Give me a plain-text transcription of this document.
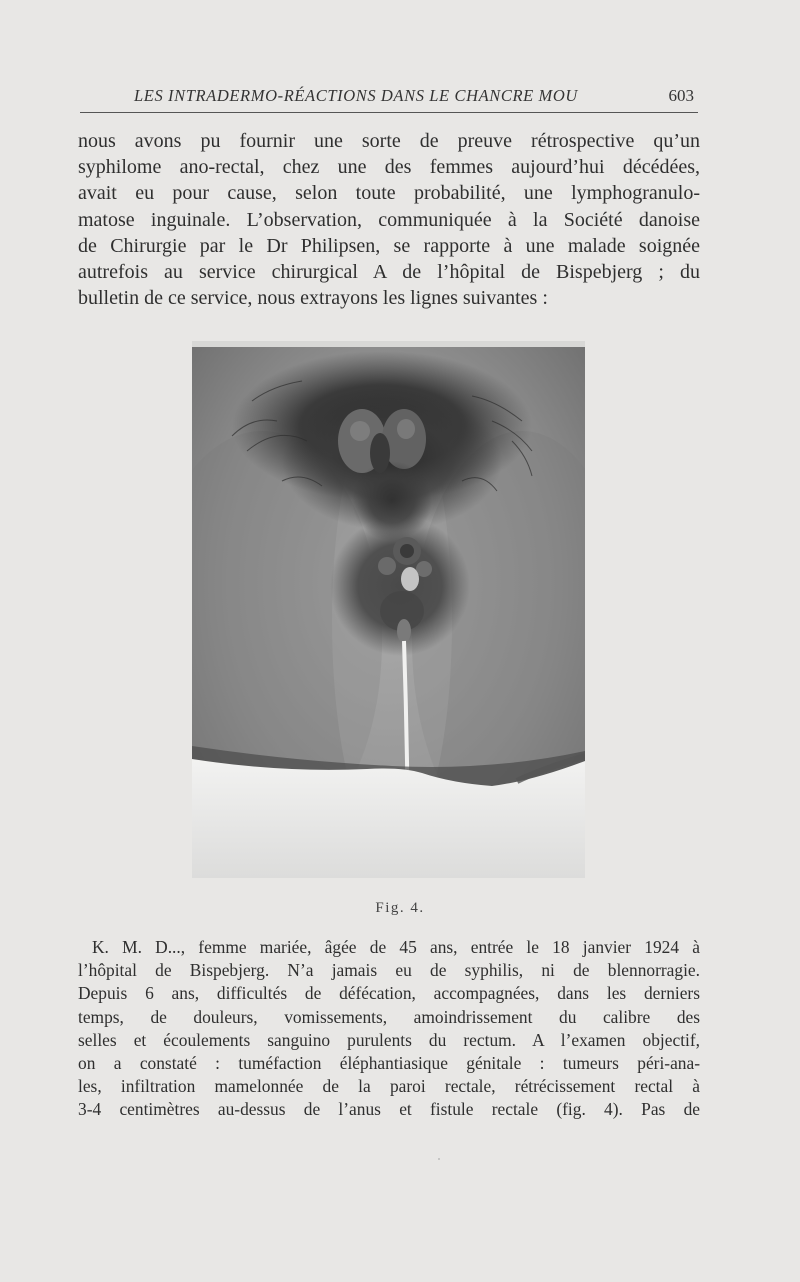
LES INTRADERMO-RÉACTIONS DANS LE CHANCRE MOU	603

nous avons pu fournir une sorte de preuve rétrospective qu’un
syphilome ano-rectal, chez une des femmes aujourd’hui décédées,
avait eu pour cause, selon toute probabilité, une lymphogranulo-
matose inguinale. L’observation, communiquée à la Société danoise
de Chirurgie par le Dr Philipsen, se rapporte à une malade soignée
autrefois au service chirurgical A de l’hôpital de Bispebjerg ; du
bulletin de ce service, nous extrayons les lignes suivantes :

Fig. 4.

K. M. D..., femme mariée, âgée de 45 ans, entrée le 18 janvier 1924 à
l’hôpital de Bispebjerg. N’a jamais eu de syphilis, ni de blennorragie.
Depuis 6 ans, difficultés de défécation, accompagnées, dans les derniers
temps, de douleurs, vomissements, amoindrissement du calibre des
selles et écoulements sanguino purulents du rectum. A l’examen objectif,
on a constaté : tuméfaction éléphantiasique génitale : tumeurs péri-ana-
les, infiltration mamelonnée de la paroi rectale, rétrécissement rectal à
3-4 centimètres au-dessus de l’anus et fistule rectale (fig. 4). Pas de
